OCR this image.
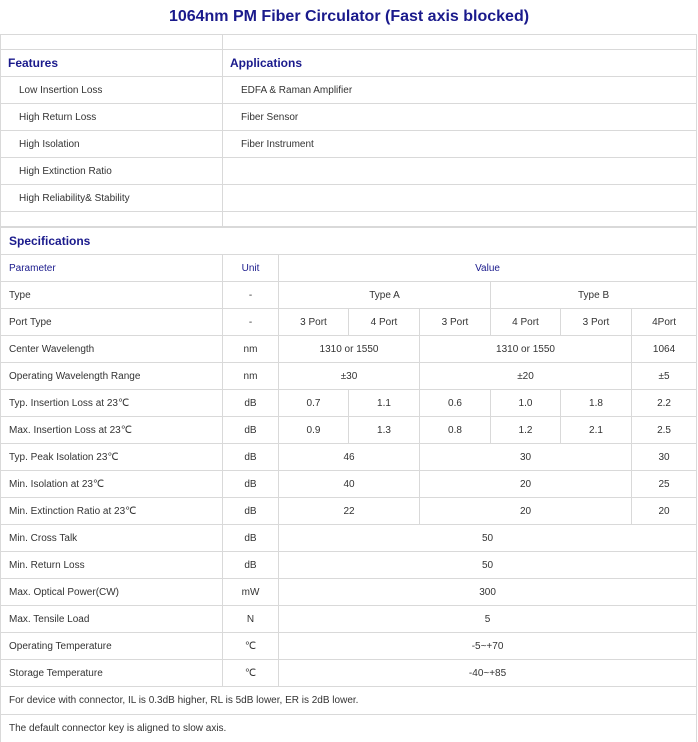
1064nm PM Fiber Circulator (Fast axis blocked)

Features	Applications
Low Insertion Loss	EDFA & Raman Amplifier
High Return Loss	Fiber Sensor
High Isolation	Fiber Instrument
High Extinction Ratio	
High Reliability& Stability	

Specifications							
Parameter	Unit	Value					
Type	-	Type A			Type B		
Port Type	-	3 Port	4 Port	3 Port	4 Port	3 Port	4Port
Center Wavelength	nm	1310 or 1550		1310 or 1550			1064
Operating Wavelength Range	nm	±30		±20			±5
Typ. Insertion Loss at 23℃	dB	0.7	1.1	0.6	1.0	1.8	2.2
Max. Insertion Loss at 23℃	dB	0.9	1.3	0.8	1.2	2.1	2.5
Typ. Peak Isolation 23℃	dB	46		30			30
Min. Isolation at 23℃	dB	40		20			25
Min. Extinction Ratio at 23℃	dB	22		20			20
Min. Cross Talk	dB	50					
Min. Return Loss	dB	50					
Max. Optical Power(CW)	mW	300					
Max. Tensile Load	N	5					
Operating Temperature	℃	-5~+70					
Storage Temperature	℃	-40~+85					
For device with connector, IL is 0.3dB higher, RL is 5dB lower, ER is 2dB lower.							
The default connector key is aligned to slow axis.							
